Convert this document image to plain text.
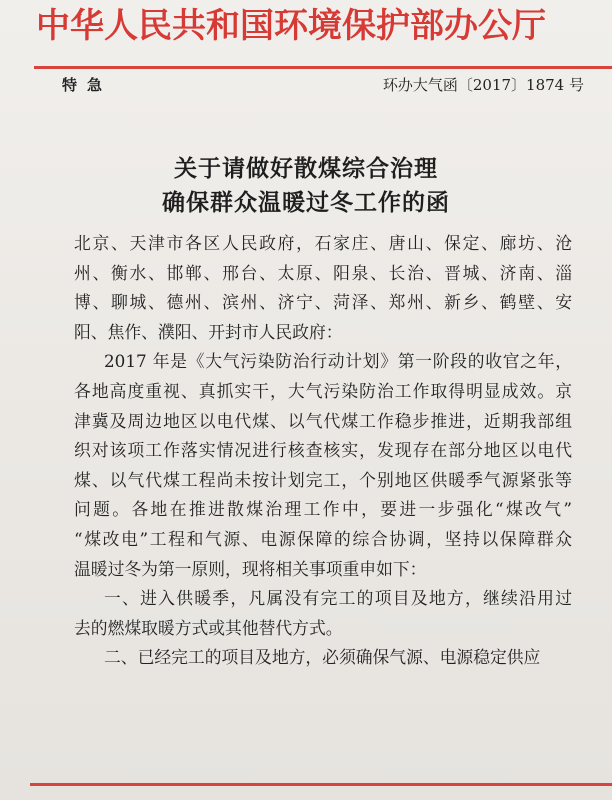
中华人民共和国环境保护部办公厅
特急	环办大气函〔2017〕1874 号
关于请做好散煤综合治理
确保群众温暖过冬工作的函
北京、天津市各区人民政府，石家庄、唐山、保定、廊坊、沧
州、衡水、邯郸、邢台、太原、阳泉、长治、晋城、济南、淄
博、聊城、德州、滨州、济宁、菏泽、郑州、新乡、鹤壁、安
阳、焦作、濮阳、开封市人民政府：
2017 年是《大气污染防治行动计划》第一阶段的收官之年，
各地高度重视、真抓实干，大气污染防治工作取得明显成效。京
津冀及周边地区以电代煤、以气代煤工作稳步推进，近期我部组
织对该项工作落实情况进行核查核实，发现存在部分地区以电代
煤、以气代煤工程尚未按计划完工，个别地区供暖季气源紧张等
问题。各地在推进散煤治理工作中，要进一步强化“煤改气”
“煤改电”工程和气源、电源保障的综合协调，坚持以保障群众
温暖过冬为第一原则，现将相关事项重申如下：
一、进入供暖季，凡属没有完工的项目及地方，继续沿用过
去的燃煤取暖方式或其他替代方式。
二、已经完工的项目及地方，必须确保气源、电源稳定供应
